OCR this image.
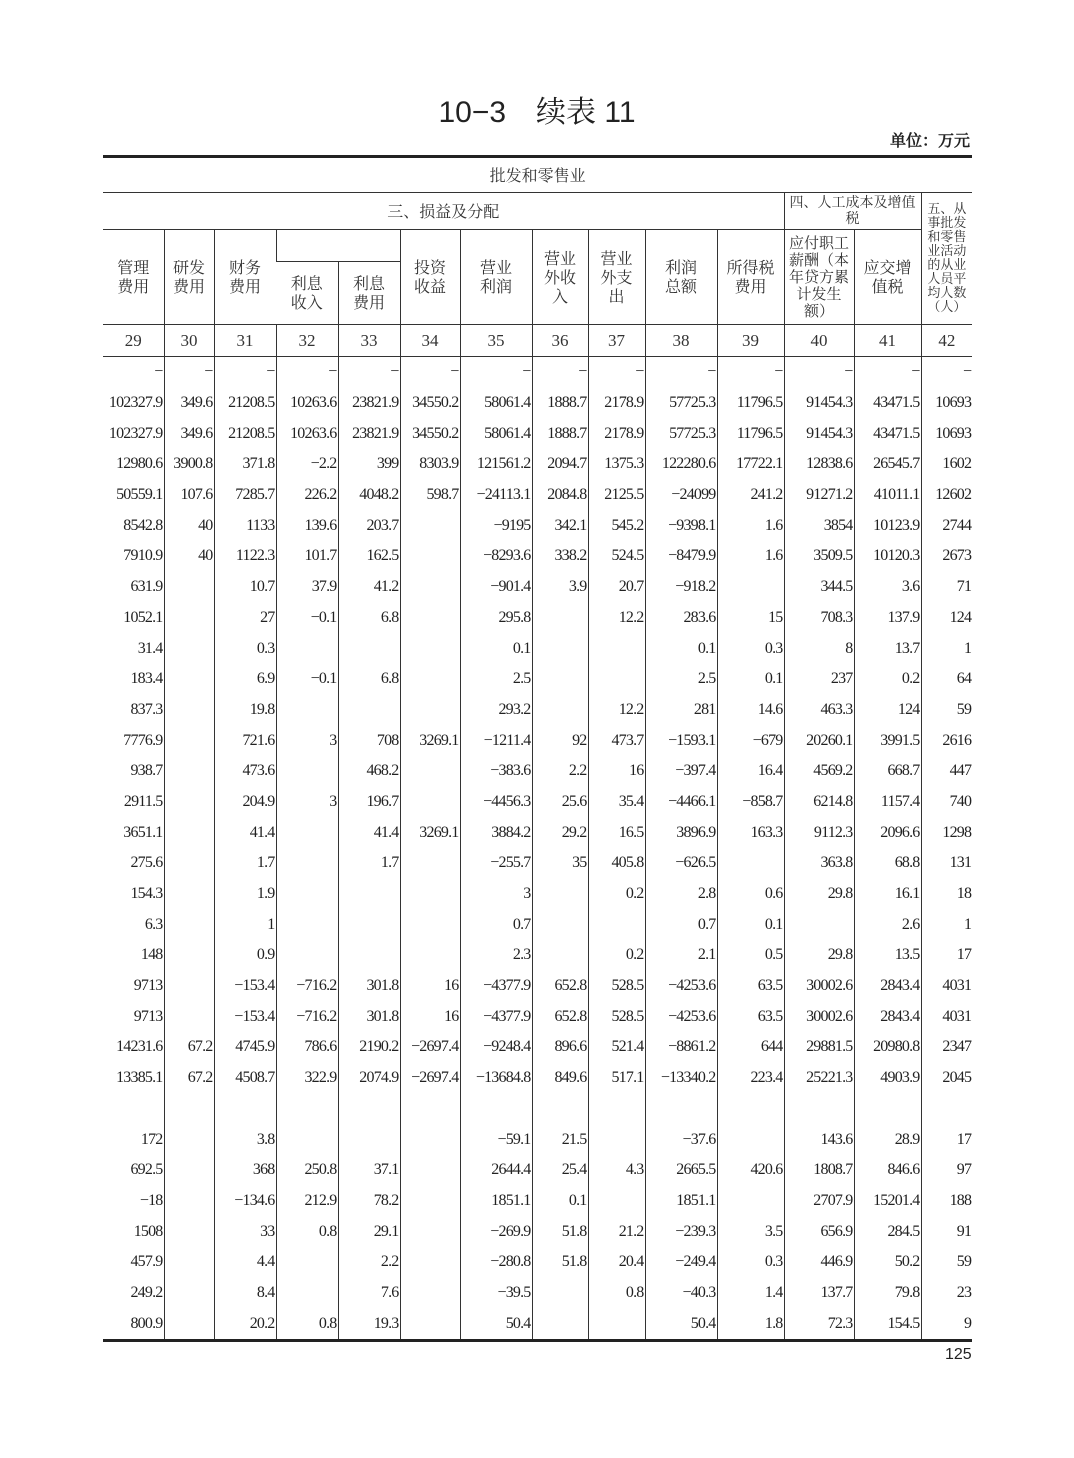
10−3　续表 11
单位：万元
批发和零售业													
三、损益及分配											四、人工成本及增值税		五、从事批发和零售业活动的从业人员平均人数（人）
管理费用	研发费用	财务费用			投资收益	营业利润	营业外收入	营业外支出	利润总额	所得税费用	应付职工薪酬（本年贷方累计发生额）	应交增值税	
			利息收入	利息费用									
29	30	31	32	33	34	35	36	37	38	39	40	41	42
−	−	−	−	−	−	−	−	−	−	−	−	−	−
102327.9	349.6	21208.5	10263.6	23821.9	34550.2	58061.4	1888.7	2178.9	57725.3	11796.5	91454.3	43471.5	10693
102327.9	349.6	21208.5	10263.6	23821.9	34550.2	58061.4	1888.7	2178.9	57725.3	11796.5	91454.3	43471.5	10693
12980.6	3900.8	371.8	−2.2	399	8303.9	121561.2	2094.7	1375.3	122280.6	17722.1	12838.6	26545.7	1602
50559.1	107.6	7285.7	226.2	4048.2	598.7	−24113.1	2084.8	2125.5	−24099	241.2	91271.2	41011.1	12602
8542.8	40	1133	139.6	203.7		−9195	342.1	545.2	−9398.1	1.6	3854	10123.9	2744
7910.9	40	1122.3	101.7	162.5		−8293.6	338.2	524.5	−8479.9	1.6	3509.5	10120.3	2673
631.9		10.7	37.9	41.2		−901.4	3.9	20.7	−918.2		344.5	3.6	71
1052.1		27	−0.1	6.8		295.8		12.2	283.6	15	708.3	137.9	124
31.4		0.3				0.1			0.1	0.3	8	13.7	1
183.4		6.9	−0.1	6.8		2.5			2.5	0.1	237	0.2	64
837.3		19.8				293.2		12.2	281	14.6	463.3	124	59
7776.9		721.6	3	708	3269.1	−1211.4	92	473.7	−1593.1	−679	20260.1	3991.5	2616
938.7		473.6		468.2		−383.6	2.2	16	−397.4	16.4	4569.2	668.7	447
2911.5		204.9	3	196.7		−4456.3	25.6	35.4	−4466.1	−858.7	6214.8	1157.4	740
3651.1		41.4		41.4	3269.1	3884.2	29.2	16.5	3896.9	163.3	9112.3	2096.6	1298
275.6		1.7		1.7		−255.7	35	405.8	−626.5		363.8	68.8	131
154.3		1.9				3		0.2	2.8	0.6	29.8	16.1	18
6.3		1				0.7			0.7	0.1		2.6	1
148		0.9				2.3		0.2	2.1	0.5	29.8	13.5	17
9713		−153.4	−716.2	301.8	16	−4377.9	652.8	528.5	−4253.6	63.5	30002.6	2843.4	4031
9713		−153.4	−716.2	301.8	16	−4377.9	652.8	528.5	−4253.6	63.5	30002.6	2843.4	4031
14231.6	67.2	4745.9	786.6	2190.2	−2697.4	−9248.4	896.6	521.4	−8861.2	644	29881.5	20980.8	2347
13385.1	67.2	4508.7	322.9	2074.9	−2697.4	−13684.8	849.6	517.1	−13340.2	223.4	25221.3	4903.9	2045

172		3.8				−59.1	21.5		−37.6		143.6	28.9	17
692.5		368	250.8	37.1		2644.4	25.4	4.3	2665.5	420.6	1808.7	846.6	97
−18		−134.6	212.9	78.2		1851.1	0.1		1851.1		2707.9	15201.4	188
1508		33	0.8	29.1		−269.9	51.8	21.2	−239.3	3.5	656.9	284.5	91
457.9		4.4		2.2		−280.8	51.8	20.4	−249.4	0.3	446.9	50.2	59
249.2		8.4		7.6		−39.5		0.8	−40.3	1.4	137.7	79.8	23
800.9		20.2	0.8	19.3		50.4			50.4	1.8	72.3	154.5	9
125
